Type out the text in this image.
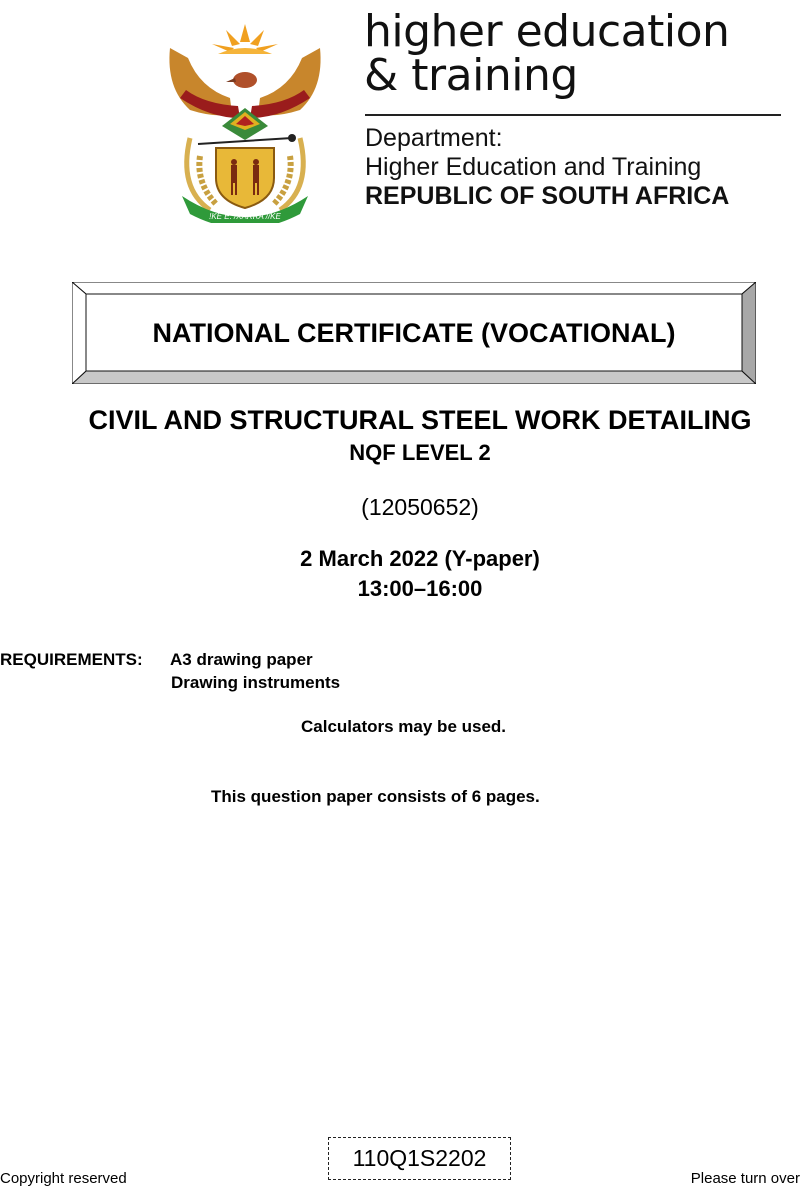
!KE E: /XARRA //KE
higher education
& training
Department:
Higher Education and Training
REPUBLIC OF SOUTH AFRICA
NATIONAL CERTIFICATE (VOCATIONAL)
CIVIL AND STRUCTURAL STEEL WORK DETAILING
NQF LEVEL 2
(12050652)
2 March 2022 (Y-paper)
13:00–16:00
REQUIREMENTS: A3 drawing paper
Drawing instruments
Calculators may be used.
This question paper consists of 6 pages.
Copyright reserved
110Q1S2202
Please turn over
